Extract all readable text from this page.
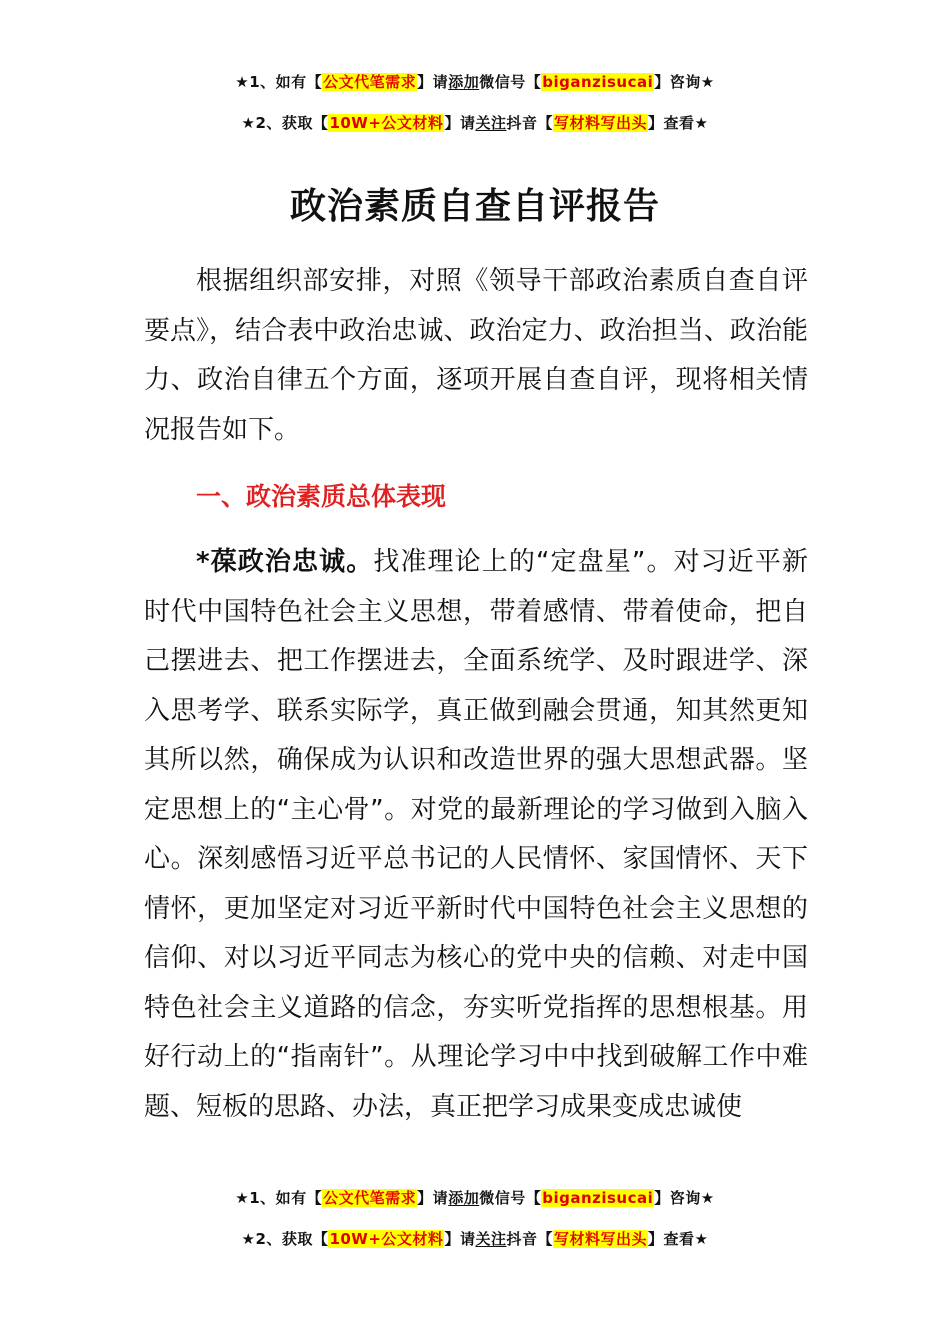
★1、如有【公文代笔需求】请添加微信号【biganzisucai】咨询★
★2、获取【10W+公文材料】请关注抖音【写材料写出头】查看★
政治素质自查自评报告

根据组织部安排，对照《领导干部政治素质自查自评要点》，结合表中政治忠诚、政治定力、政治担当、政治能力、政治自律五个方面，逐项开展自查自评，现将相关情况报告如下。

一、政治素质总体表现

*葆政治忠诚。找准理论上的“定盘星”。对习近平新时代中国特色社会主义思想，带着感情、带着使命，把自己摆进去、把工作摆进去，全面系统学、及时跟进学、深入思考学、联系实际学，真正做到融会贯通，知其然更知其所以然，确保成为认识和改造世界的强大思想武器。坚定思想上的“主心骨”。对党的最新理论的学习做到入脑入心。深刻感悟习近平总书记的人民情怀、家国情怀、天下情怀，更加坚定对习近平新时代中国特色社会主义思想的信仰、对以习近平同志为核心的党中央的信赖、对走中国特色社会主义道路的信念，夯实听党指挥的思想根基。用好行动上的“指南针”。从理论学习中中找到破解工作中难题、短板的思路、办法，真正把学习成果变成忠诚使

★1、如有【公文代笔需求】请添加微信号【biganzisucai】咨询★
★2、获取【10W+公文材料】请关注抖音【写材料写出头】查看★
